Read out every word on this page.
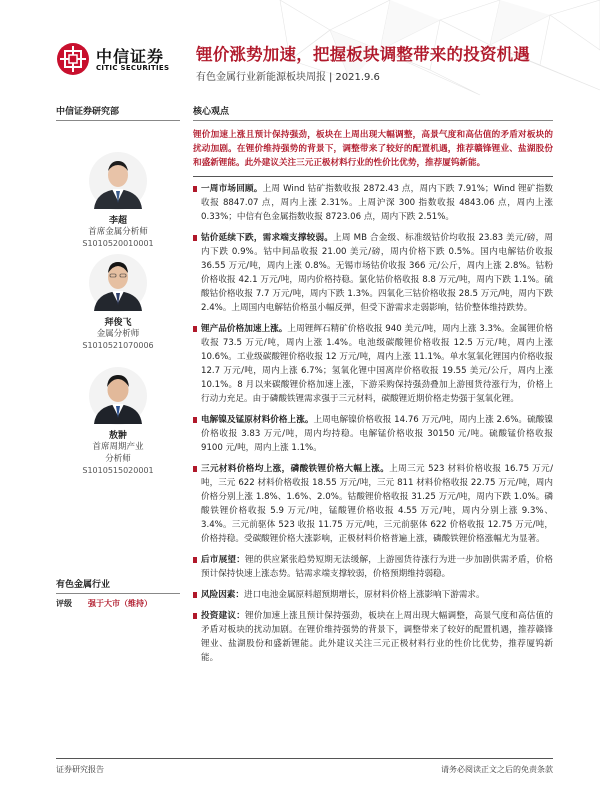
中信证券
CITIC SECURITIES
锂价涨势加速，把握板块调整带来的投资机遇
有色金属行业新能源板块周报 | 2021.9.6
中信证券研究部
李超
首席金属分析师
S1010520010001
拜俊飞
金属分析师
S1010521070006
敖翀
首席周期产业
分析师
S1010515020001
有色金属行业
评级	强于大市（维持）
核心观点
锂价加速上涨且预计保持强劲，板块在上周出现大幅调整，高景气度和高估值的矛盾对板块的扰动加剧。在锂价维持强势的背景下，调整带来了较好的配置机遇，推荐赣锋锂业、盐湖股份和盛新锂能。此外建议关注三元正极材料行业的性价比优势，推荐厦钨新能。
一周市场回顾。上周 Wind 钴矿指数收报 2872.43 点，周内下跌 7.91%；Wind 锂矿指数收报 8847.07 点，周内上涨 2.31%。上周沪深 300 指数收报 4843.06 点，周内上涨 0.33%；中信有色金属指数收报 8723.06 点，周内下跌 2.51%。
钴价延续下跌，需求端支撑较弱。上周 MB 合金级、标准级钴价均收报 23.83 美元/磅，周内下跌 0.9%。钴中间品收报 21.00 美元/磅，周内价格下跌 0.5%。国内电解钴价收报 36.55 万元/吨，周内上涨 0.8%。无锡市场钴价收报 366 元/公斤，周内上涨 2.8%。钴粉价格收报 42.1 万元/吨，周内价格持稳。氯化钴价格收报 8.8 万元/吨，周内下跌 1.1%。硫酸钴价格收报 7.7 万元/吨，周内下跌 1.3%。四氧化三钴价格收报 28.5 万元/吨，周内下跌 2.4%。上周国内电解钴价格虽小幅反弹，但受下游需求走弱影响，钴价整体维持跌势。
锂产品价格加速上涨。上周锂辉石精矿价格收报 940 美元/吨，周内上涨 3.3%。金属锂价格收报 73.5 万元/吨，周内上涨 1.4%。电池级碳酸锂价格收报 12.5 万元/吨，周内上涨 10.6%。工业级碳酸锂价格收报 12 万元/吨，周内上涨 11.1%。单水氢氧化锂国内价格收报 12.7 万元/吨，周内上涨 6.7%；氢氧化锂中国离岸价格收报 19.55 美元/公斤，周内上涨 10.1%。8 月以来碳酸锂价格加速上涨，下游采购保持强劲叠加上游囤货待涨行为，价格上行动力充足。由于磷酸铁锂需求强于三元材料，碳酸锂近期价格走势强于氢氧化锂。
电解镍及锰原材料价格上涨。上周电解镍价格收报 14.76 万元/吨，周内上涨 2.6%。硫酸镍价格收报 3.83 万元/吨，周内均持稳。电解锰价格收报 30150 元/吨。硫酸锰价格收报 9100 元/吨，周内上涨 1.1%。
三元材料价格均上涨，磷酸铁锂价格大幅上涨。上周三元 523 材料价格收报 16.75 万元/吨，三元 622 材料价格收报 18.55 万元/吨，三元 811 材料价格收报 22.75 万元/吨，周内价格分别上涨 1.8%、1.6%、2.0%。钴酸锂价格收报 31.25 万元/吨，周内下跌 1.0%。磷酸铁锂价格收报 5.9 万元/吨，锰酸锂价格收报 4.55 万元/吨，周内分别上涨 9.3%、3.4%。三元前驱体 523 收报 11.75 万元/吨，三元前驱体 622 价格收报 12.75 万元/吨，价格持稳。受碳酸锂价格大涨影响，正极材料价格普遍上涨，磷酸铁锂价格涨幅尤为显著。
后市展望：锂的供应紧张趋势短期无法缓解，上游囤货待涨行为进一步加剧供需矛盾，价格预计保持快速上涨态势。钴需求端支撑较弱，价格预期维持弱稳。
风险因素：进口电池金属原料超预期增长，原材料价格上涨影响下游需求。
投资建议：锂价加速上涨且预计保持强劲，板块在上周出现大幅调整，高景气度和高估值的矛盾对板块的扰动加剧。在锂价维持强势的背景下，调整带来了较好的配置机遇，推荐赣锋锂业、盐湖股份和盛新锂能。此外建议关注三元正极材料行业的性价比优势，推荐厦钨新能。
证券研究报告	请务必阅读正文之后的免责条款
